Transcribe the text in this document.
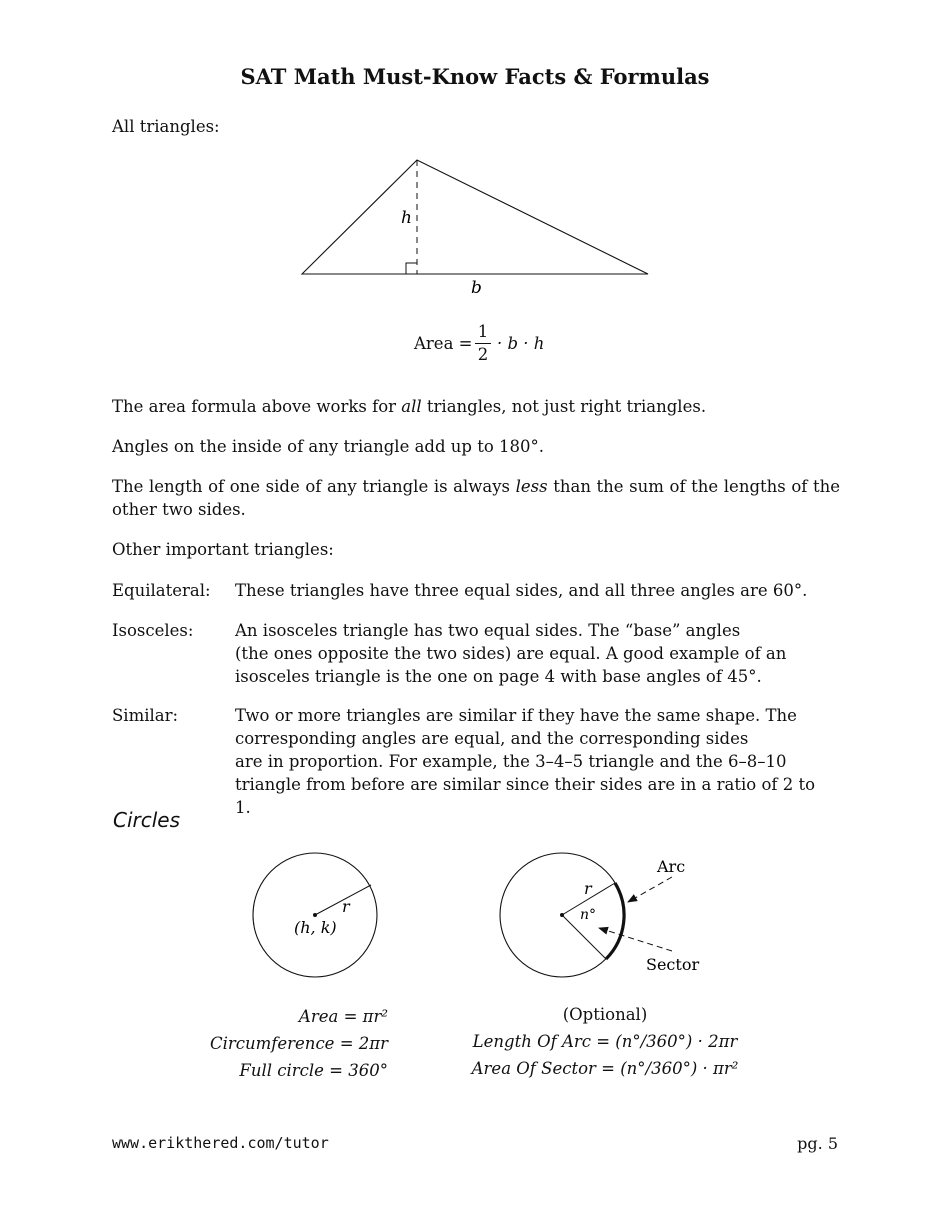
SAT Math Must-Know Facts & Formulas
All triangles:
h
b
Area =
1
2
· b · h
The area formula above works for all triangles, not just right triangles.
Angles on the inside of any triangle add up to 180°.
The length of one side of any triangle is always less than the sum of the lengths of the other two sides.
Other important triangles:
Equilateral:	These triangles have three equal sides, and all three angles are 60°.
Isosceles:	An isosceles triangle has two equal sides. The “base” angles
(the ones opposite the two sides) are equal. A good example of an
isosceles triangle is the one on page 4 with base angles of 45°.
Similar:	Two or more triangles are similar if they have the same shape. The
corresponding angles are equal, and the corresponding sides
are in proportion. For example, the 3–4–5 triangle and the 6–8–10
triangle from before are similar since their sides are in a ratio of 2 to 1.
Circles
r
(h, k)
r
n°
Arc
Sector
Area = πr²
Circumference = 2πr
Full circle = 360°
(Optional)
Length Of Arc = (n°/360°) · 2πr
Area Of Sector = (n°/360°) · πr²
www.erikthered.com/tutor	pg. 5
